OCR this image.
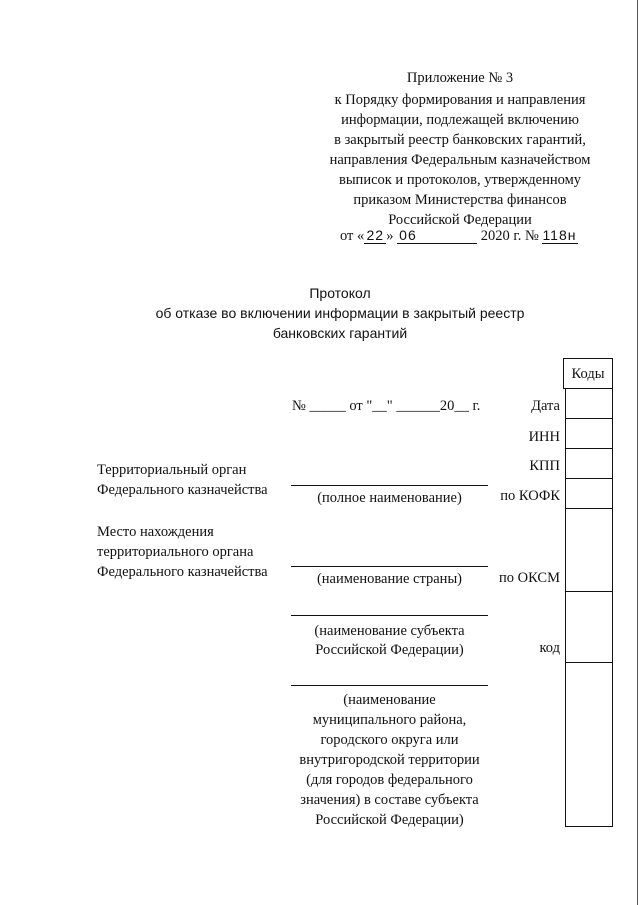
Приложение № 3
к Порядку формирования и направления
информации, подлежащей включению
в закрытый реестр банковских гарантий,
направления Федеральным казначейством
выписок и протоколов, утвержденному
приказом Министерства финансов
Российской Федерации
от « 22 » 06	2020 г. № 118н
Протокол
об отказе во включении информации в закрытый реестр
банковских гарантий
Коды
№ _____ от "__" ______20__ г.	Дата
ИНН
КПП
по КОФК
по ОКСМ
код
Территориальный орган
Федерального казначейства
Место нахождения
территориального органа
Федерального казначейства
(полное наименование)
(наименование страны)
(наименование субъекта
Российской Федерации)
(наименование
муниципального района,
городского округа или
внутригородской территории
(для городов федерального
значения) в составе субъекта
Российской Федерации)
